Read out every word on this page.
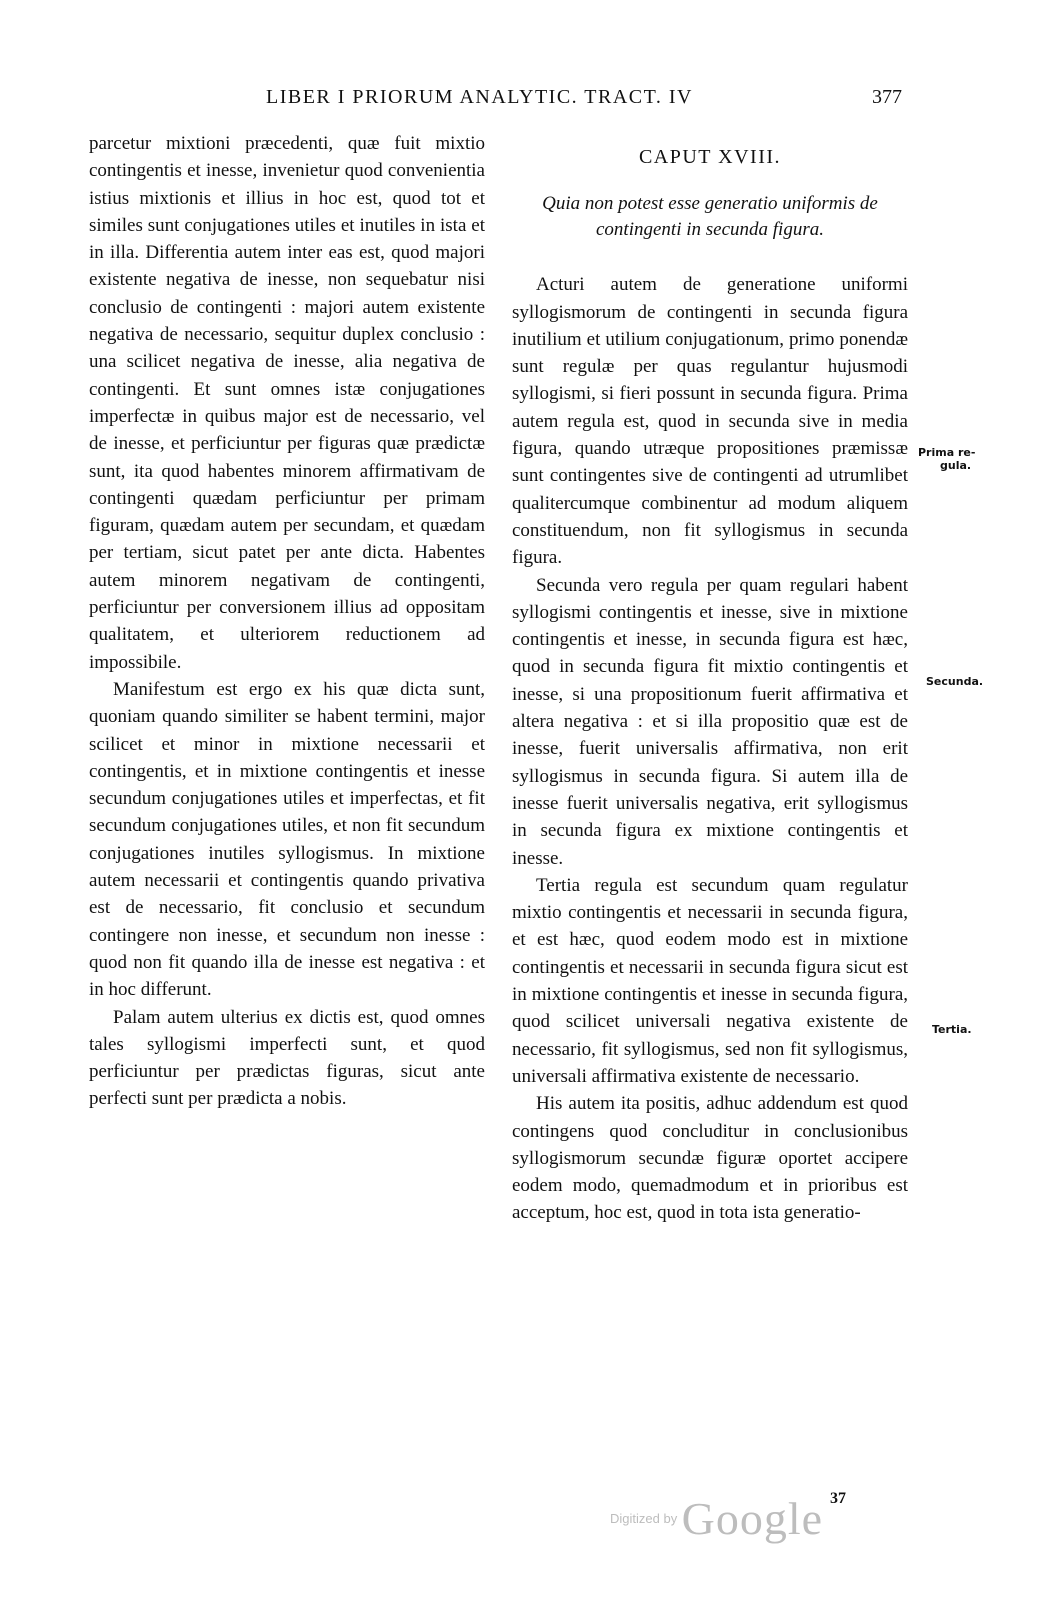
LIBER I PRIORUM ANALYTIC. TRACT. IV	377

parcetur mixtioni præcedenti, quæ fuit mixtio contingentis et inesse, invenietur quod convenientia istius mixtionis et illius in hoc est, quod tot et similes sunt conjugationes utiles et inutiles in ista et in illa. Differentia autem inter eas est, quod majori existente negativa de inesse, non sequebatur nisi conclusio de contingenti : majori autem existente negativa de necessario, sequitur duplex conclusio : una scilicet negativa de inesse, alia negativa de contingenti. Et sunt omnes istæ conjugationes imperfectæ in quibus major est de necessario, vel de inesse, et perficiuntur per figuras quæ prædictæ sunt, ita quod habentes minorem affirmativam de contingenti quædam perficiuntur per primam figuram, quædam autem per secundam, et quædam per tertiam, sicut patet per ante dicta. Habentes autem minorem negativam de contingenti, perficiuntur per conversionem illius ad oppositam qualitatem, et ulteriorem reductionem ad impossibile.

Manifestum est ergo ex his quæ dicta sunt, quoniam quando similiter se habent termini, major scilicet et minor in mixtione necessarii et contingentis, et in mixtione contingentis et inesse secundum conjugationes utiles et imperfectas, et fit secundum conjugationes utiles, et non fit secundum conjugationes inutiles syllogismus. In mixtione autem necessarii et contingentis quando privativa est de necessario, fit conclusio et secundum contingere non inesse, et secundum non inesse : quod non fit quando illa de inesse est negativa : et in hoc differunt.

Palam autem ulterius ex dictis est, quod omnes tales syllogismi imperfecti sunt, et quod perficiuntur per prædictas figuras, sicut ante perfecti sunt per prædicta a nobis.

CAPUT XVIII.
Quia non potest esse generatio uniformis de contingenti in secunda figura.

Acturi autem de generatione uniformi syllogismorum de contingenti in secunda figura inutilium et utilium conjugationum, primo ponendæ sunt regulæ per quas regulantur hujusmodi syllogismi, si fieri possunt in secunda figura. Prima autem regula est, quod in secunda sive in media figura, quando utræque propositiones præmissæ sunt contingentes sive de contingenti ad utrumlibet qualitercumque combinentur ad modum aliquem constituendum, non fit syllogismus in secunda figura.

Secunda vero regula per quam regulari habent syllogismi contingentis et inesse, sive in mixtione contingentis et inesse, in secunda figura est hæc, quod in secunda figura fit mixtio contingentis et inesse, si una propositionum fuerit affirmativa et altera negativa : et si illa propositio quæ est de inesse, fuerit universalis affirmativa, non erit syllogismus in secunda figura. Si autem illa de inesse fuerit universalis negativa, erit syllogismus in secunda figura ex mixtione contingentis et inesse.

Tertia regula est secundum quam regulatur mixtio contingentis et necessarii in secunda figura, et est hæc, quod eodem modo est in mixtione contingentis et necessarii in secunda figura sicut est in mixtione contingentis et inesse in secunda figura, quod scilicet universali negativa existente de necessario, fit syllogismus, sed non fit syllogismus, universali affirmativa existente de necessario.

His autem ita positis, adhuc addendum est quod contingens quod concluditur in conclusionibus syllogismorum secundæ figuræ oportet accipere eodem modo, quemadmodum et in prioribus est acceptum, hoc est, quod in tota ista generatio-

Prima re-
gula.
Secunda.
Tertia.
37
Digitized by Google
